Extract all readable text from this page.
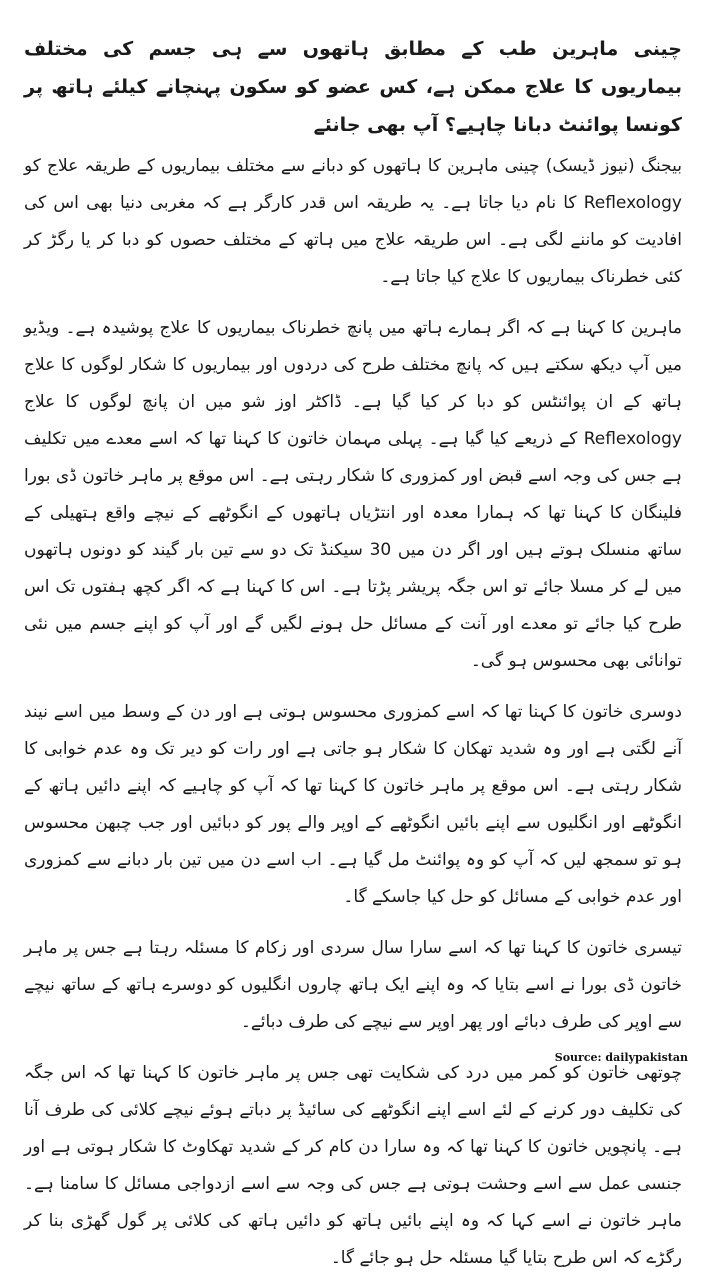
چینی ماہرین طب کے مطابق ہاتھوں سے ہی جسم کی مختلف بیماریوں کا علاج ممکن ہے، کس عضو کو سکون پہنچانے کیلئے ہاتھ پر کونسا پوائنٹ دبانا چاہیے؟ آپ بھی جانئے

بیجنگ (نیوز ڈیسک) چینی ماہرین کا ہاتھوں کو دبانے سے مختلف بیماریوں کے طریقہ علاج کو Reflexology کا نام دیا جاتا ہے۔ یہ طریقہ اس قدر کارگر ہے کہ مغربی دنیا بھی اس کی افادیت کو ماننے لگی ہے۔ اس طریقہ علاج میں ہاتھ کے مختلف حصوں کو دبا کر یا رگڑ کر کئی خطرناک بیماریوں کا علاج کیا جاتا ہے۔

ماہرین کا کہنا ہے کہ اگر ہمارے ہاتھ میں پانچ خطرناک بیماریوں کا علاج پوشیدہ ہے۔ ویڈیو میں آپ دیکھ سکتے ہیں کہ پانچ مختلف طرح کی دردوں اور بیماریوں کا شکار لوگوں کا علاج ہاتھ کے ان پوائنٹس کو دبا کر کیا گیا ہے۔ ڈاکٹر اوز شو میں ان پانچ لوگوں کا علاج Reflexology کے ذریعے کیا گیا ہے۔ پہلی مہمان خاتون کا کہنا تھا کہ اسے معدے میں تکلیف ہے جس کی وجہ اسے قبض اور کمزوری کا شکار رہتی ہے۔ اس موقع پر ماہر خاتون ڈی بورا فلینگان کا کہنا تھا کہ ہمارا معدہ اور انتڑیاں ہاتھوں کے انگوٹھے کے نیچے واقع ہتھیلی کے ساتھ منسلک ہوتے ہیں اور اگر دن میں 30 سیکنڈ تک دو سے تین بار گیند کو دونوں ہاتھوں میں لے کر مسلا جائے تو اس جگہ پریشر پڑتا ہے۔ اس کا کہنا ہے کہ اگر کچھ ہفتوں تک اس طرح کیا جائے تو معدے اور آنت کے مسائل حل ہونے لگیں گے اور آپ کو اپنے جسم میں نئی توانائی بھی محسوس ہو گی۔

دوسری خاتون کا کہنا تھا کہ اسے کمزوری محسوس ہوتی ہے اور دن کے وسط میں اسے نیند آنے لگتی ہے اور وہ شدید تھکان کا شکار ہو جاتی ہے اور رات کو دیر تک وہ عدم خوابی کا شکار رہتی ہے۔ اس موقع پر ماہر خاتون کا کہنا تھا کہ آپ کو چاہیے کہ اپنے دائیں ہاتھ کے انگوٹھے اور انگلیوں سے اپنے بائیں انگوٹھے کے اوپر والے پور کو دبائیں اور جب چبھن محسوس ہو تو سمجھ لیں کہ آپ کو وہ پوائنٹ مل گیا ہے۔ اب اسے دن میں تین بار دبانے سے کمزوری اور عدم خوابی کے مسائل کو حل کیا جاسکے گا۔

تیسری خاتون کا کہنا تھا کہ اسے سارا سال سردی اور زکام کا مسئلہ رہتا ہے جس پر ماہر خاتون ڈی بورا نے اسے بتایا کہ وہ اپنے ایک ہاتھ چاروں انگلیوں کو دوسرے ہاتھ کے ساتھ نیچے سے اوپر کی طرف دبائے اور پھر اوپر سے نیچے کی طرف دبائے۔

چوتھی خاتون کو کمر میں درد کی شکایت تھی جس پر ماہر خاتون کا کہنا تھا کہ اس جگہ کی تکلیف دور کرنے کے لئے اسے اپنے انگوٹھے کی سائیڈ پر دباتے ہوئے نیچے کلائی کی طرف آنا ہے۔ پانچویں خاتون کا کہنا تھا کہ وہ سارا دن کام کر کے شدید تھکاوٹ کا شکار ہوتی ہے اور جنسی عمل سے اسے وحشت ہوتی ہے جس کی وجہ سے اسے ازدواجی مسائل کا سامنا ہے۔ ماہر خاتون نے اسے کہا کہ وہ اپنے بائیں ہاتھ کو دائیں ہاتھ کی کلائی پر گول گھڑی بنا کر رگڑے کہ اس طرح بتایا گیا مسئلہ حل ہو جائے گا۔

Source: dailypakistan
